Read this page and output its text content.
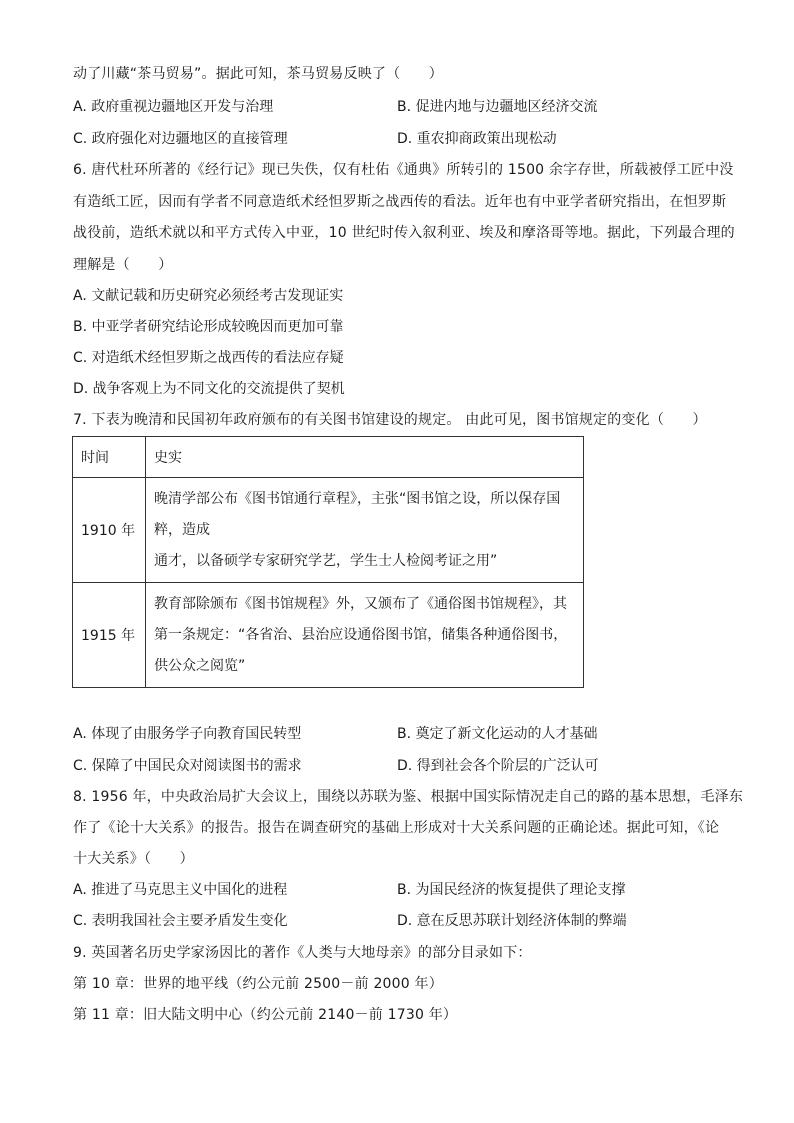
动了川藏“茶马贸易”。据此可知，茶马贸易反映了（　　）
A. 政府重视边疆地区开发与治理	B. 促进内地与边疆地区经济交流
C. 政府强化对边疆地区的直接管理	D. 重农抑商政策出现松动
6. 唐代杜环所著的《经行记》现已失佚，仅有杜佑《通典》所转引的 1500 余字存世，所载被俘工匠中没
有造纸工匠，因而有学者不同意造纸术经怛罗斯之战西传的看法。近年也有中亚学者研究指出，在怛罗斯
战役前，造纸术就以和平方式传入中亚，10 世纪时传入叙利亚、埃及和摩洛哥等地。据此，下列最合理的
理解是（　　）
A. 文献记载和历史研究必须经考古发现证实
B. 中亚学者研究结论形成较晚因而更加可靠
C. 对造纸术经怛罗斯之战西传的看法应存疑
D. 战争客观上为不同文化的交流提供了契机
7. 下表为晚清和民国初年政府颁布的有关图书馆建设的规定。 由此可见，图书馆规定的变化（　　）
时间	史实
1910 年	晚清学部公布《图书馆通行章程》，主张“图书馆之设，所以保存国
粹，造成
通才，以备硕学专家研究学艺，学生士人检阅考证之用”

1915 年	教育部除颁布《图书馆规程》外，又颁布了《通俗图书馆规程》，其
第一条规定：“各省治、县治应设通俗图书馆，储集各种通俗图书，
供公众之阅览”
A. 体现了由服务学子向教育国民转型	B. 奠定了新文化运动的人才基础
C. 保障了中国民众对阅读图书的需求	D. 得到社会各个阶层的广泛认可
8. 1956 年，中央政治局扩大会议上，围绕以苏联为鉴、根据中国实际情况走自己的路的基本思想，毛泽东
作了《论十大关系》的报告。报告在调查研究的基础上形成对十大关系问题的正确论述。据此可知，《论
十大关系》（　　）
A. 推进了马克思主义中国化的进程	B. 为国民经济的恢复提供了理论支撑
C. 表明我国社会主要矛盾发生变化	D. 意在反思苏联计划经济体制的弊端
9. 英国著名历史学家汤因比的著作《人类与大地母亲》的部分目录如下：
第 10 章：世界的地平线（约公元前 2500－前 2000 年）
第 11 章：旧大陆文明中心（约公元前 2140－前 1730 年）
